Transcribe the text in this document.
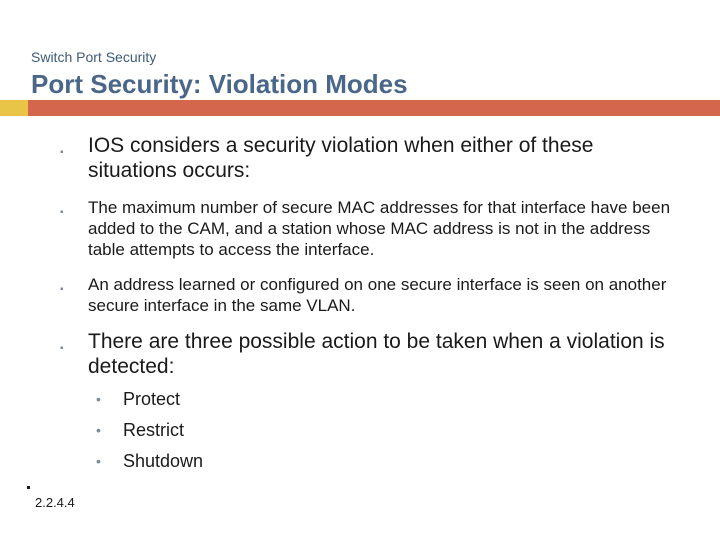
Switch Port Security
Port Security: Violation Modes
▪ IOS considers a security violation when either of these situations occurs:
▪ The maximum number of secure MAC addresses for that interface have been added to the CAM, and a station whose MAC address is not in the address table attempts to access the interface.
▪ An address learned or configured on one secure interface is seen on another secure interface in the same VLAN.
▪ There are three possible action to be taken when a violation is detected:
• Protect
• Restrict
• Shutdown
2.2.4.4
